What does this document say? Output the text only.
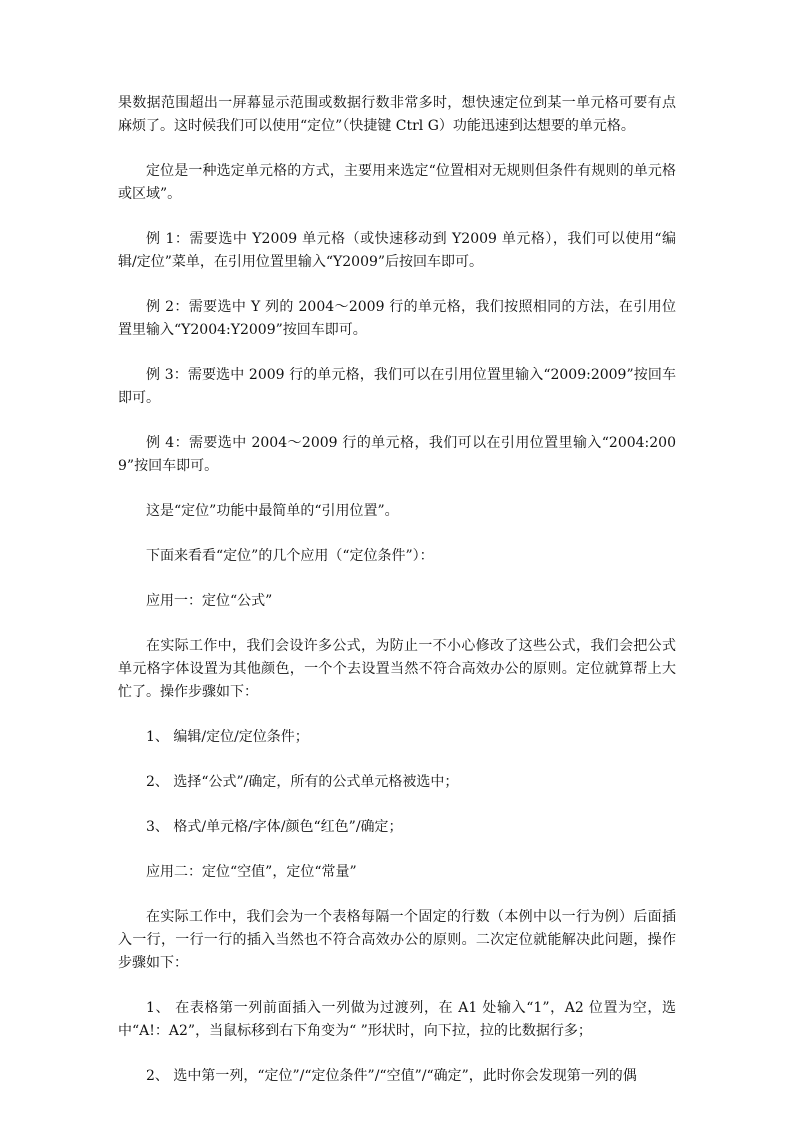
果数据范围超出一屏幕显示范围或数据行数非常多时，想快速定位到某一单元格可要有点麻烦了。这时候我们可以使用“定位”（快捷键 Ctrl G）功能迅速到达想要的单元格。

定位是一种选定单元格的方式，主要用来选定“位置相对无规则但条件有规则的单元格或区域”。

例 1：需要选中 Y2009 单元格（或快速移动到 Y2009 单元格），我们可以使用“编辑/定位”菜单，在引用位置里输入“Y2009”后按回车即可。

例 2：需要选中 Y 列的 2004～2009 行的单元格，我们按照相同的方法，在引用位置里输入“Y2004:Y2009”按回车即可。

例 3：需要选中 2009 行的单元格，我们可以在引用位置里输入“2009:2009”按回车即可。

例 4：需要选中 2004～2009 行的单元格，我们可以在引用位置里输入“2004:2009”按回车即可。

这是“定位”功能中最简单的“引用位置”。

下面来看看“定位”的几个应用（“定位条件”）：

应用一：定位“公式”

在实际工作中，我们会设许多公式，为防止一不小心修改了这些公式，我们会把公式单元格字体设置为其他颜色，一个个去设置当然不符合高效办公的原则。定位就算帮上大忙了。操作步骤如下：

1、 编辑/定位/定位条件；

2、 选择“公式”/确定，所有的公式单元格被选中；

3、 格式/单元格/字体/颜色“红色”/确定；

应用二：定位“空值”，定位“常量”

在实际工作中，我们会为一个表格每隔一个固定的行数（本例中以一行为例）后面插入一行，一行一行的插入当然也不符合高效办公的原则。二次定位就能解决此问题，操作步骤如下：

1、 在表格第一列前面插入一列做为过渡列，在 A1 处输入“1”，A2 位置为空，选中“A!：A2”，当鼠标移到右下角变为“ ”形状时，向下拉，拉的比数据行多；

2、 选中第一列，“定位”/“定位条件”/“空值”/“确定”，此时你会发现第一列的偶
